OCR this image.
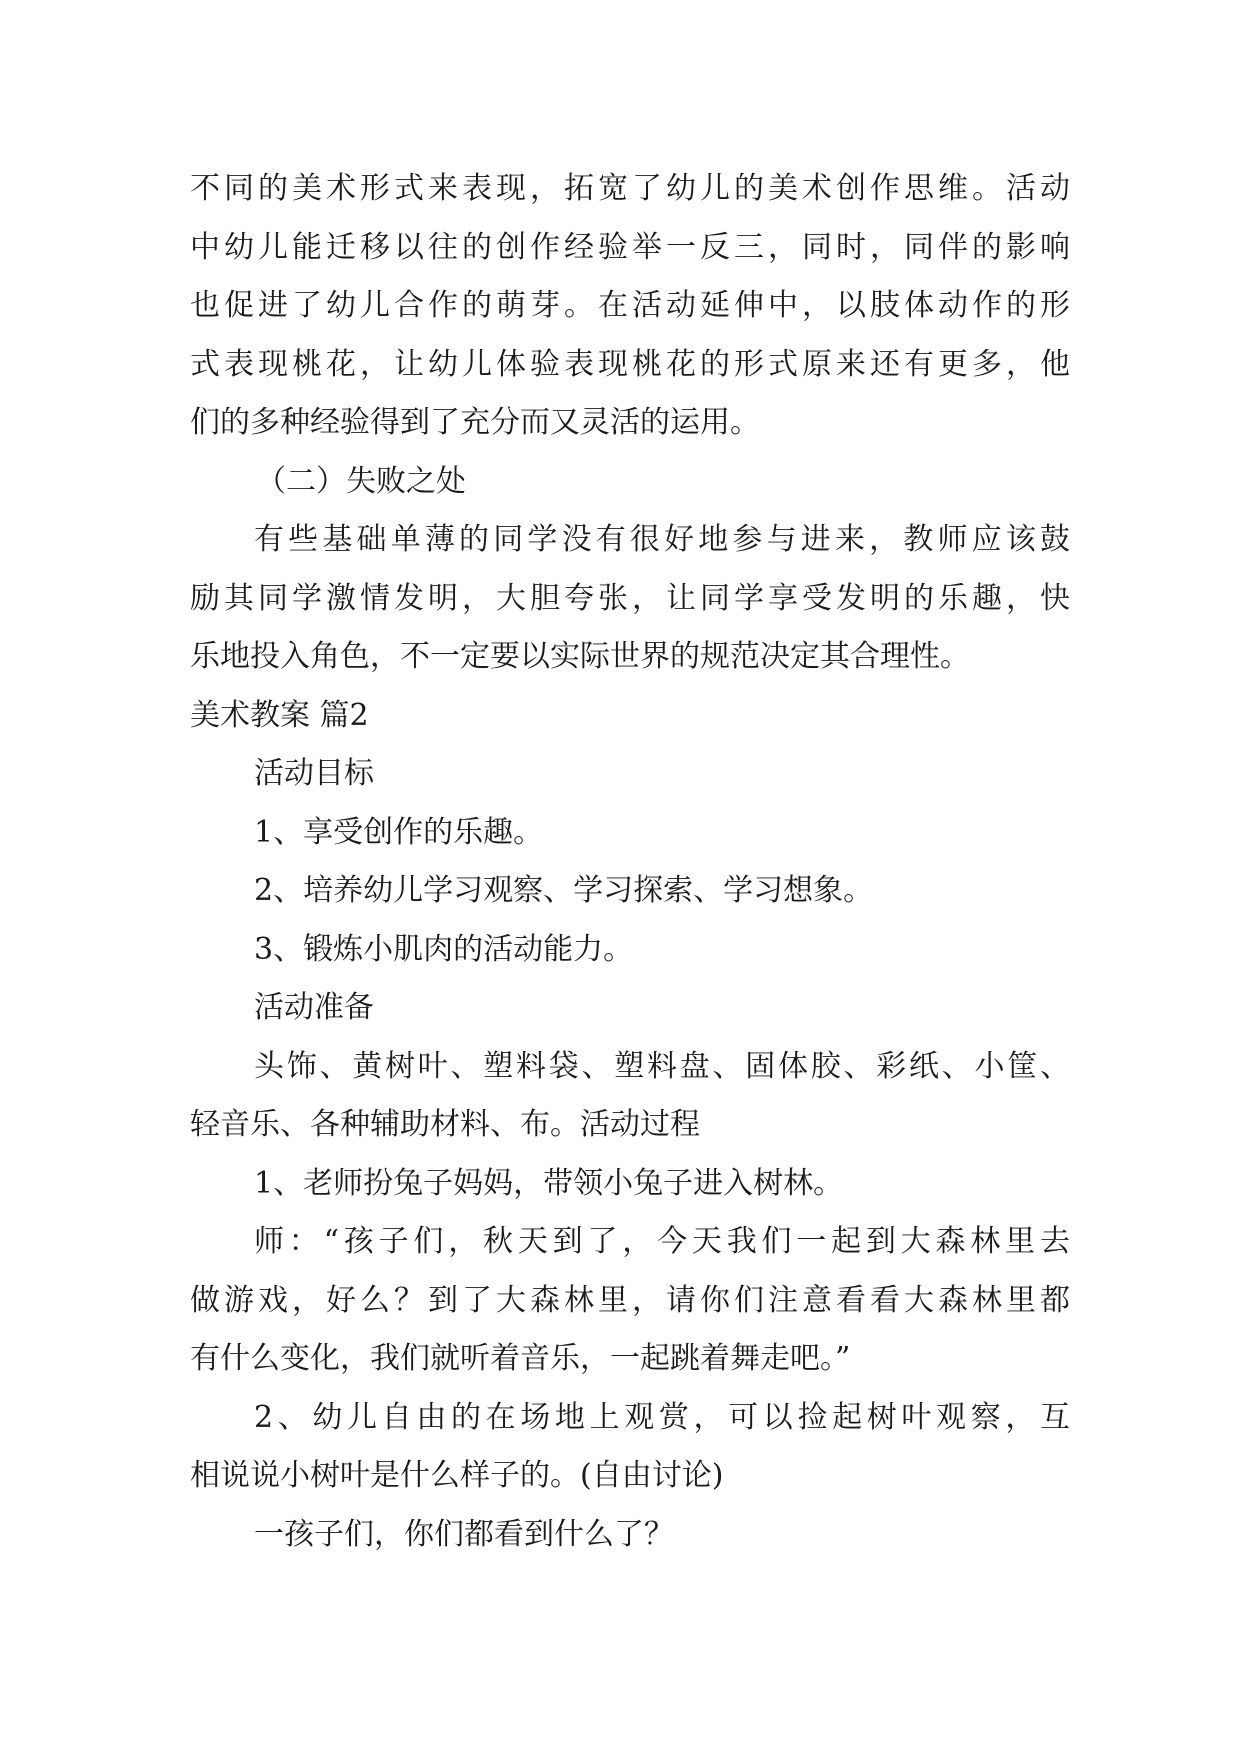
不同的美术形式来表现，拓宽了幼儿的美术创作思维。活动
中幼儿能迁移以往的创作经验举一反三，同时，同伴的影响
也促进了幼儿合作的萌芽。在活动延伸中，以肢体动作的形
式表现桃花，让幼儿体验表现桃花的形式原来还有更多，他
们的多种经验得到了充分而又灵活的运用。
（二）失败之处
有些基础单薄的同学没有很好地参与进来，教师应该鼓
励其同学激情发明，大胆夸张，让同学享受发明的乐趣，快
乐地投入角色，不一定要以实际世界的规范决定其合理性。
美术教案 篇2
活动目标
1、享受创作的乐趣。
2、培养幼儿学习观察、学习探索、学习想象。
3、锻炼小肌肉的活动能力。
活动准备
头饰、黄树叶、塑料袋、塑料盘、固体胶、彩纸、小筐、
轻音乐、各种辅助材料、布。活动过程
1、老师扮兔子妈妈，带领小兔子进入树林。
师：“孩子们，秋天到了，今天我们一起到大森林里去
做游戏，好么？到了大森林里，请你们注意看看大森林里都
有什么变化，我们就听着音乐，一起跳着舞走吧。”
2、幼儿自由的在场地上观赏，可以捡起树叶观察，互
相说说小树叶是什么样子的。(自由讨论)
一孩子们，你们都看到什么了？
